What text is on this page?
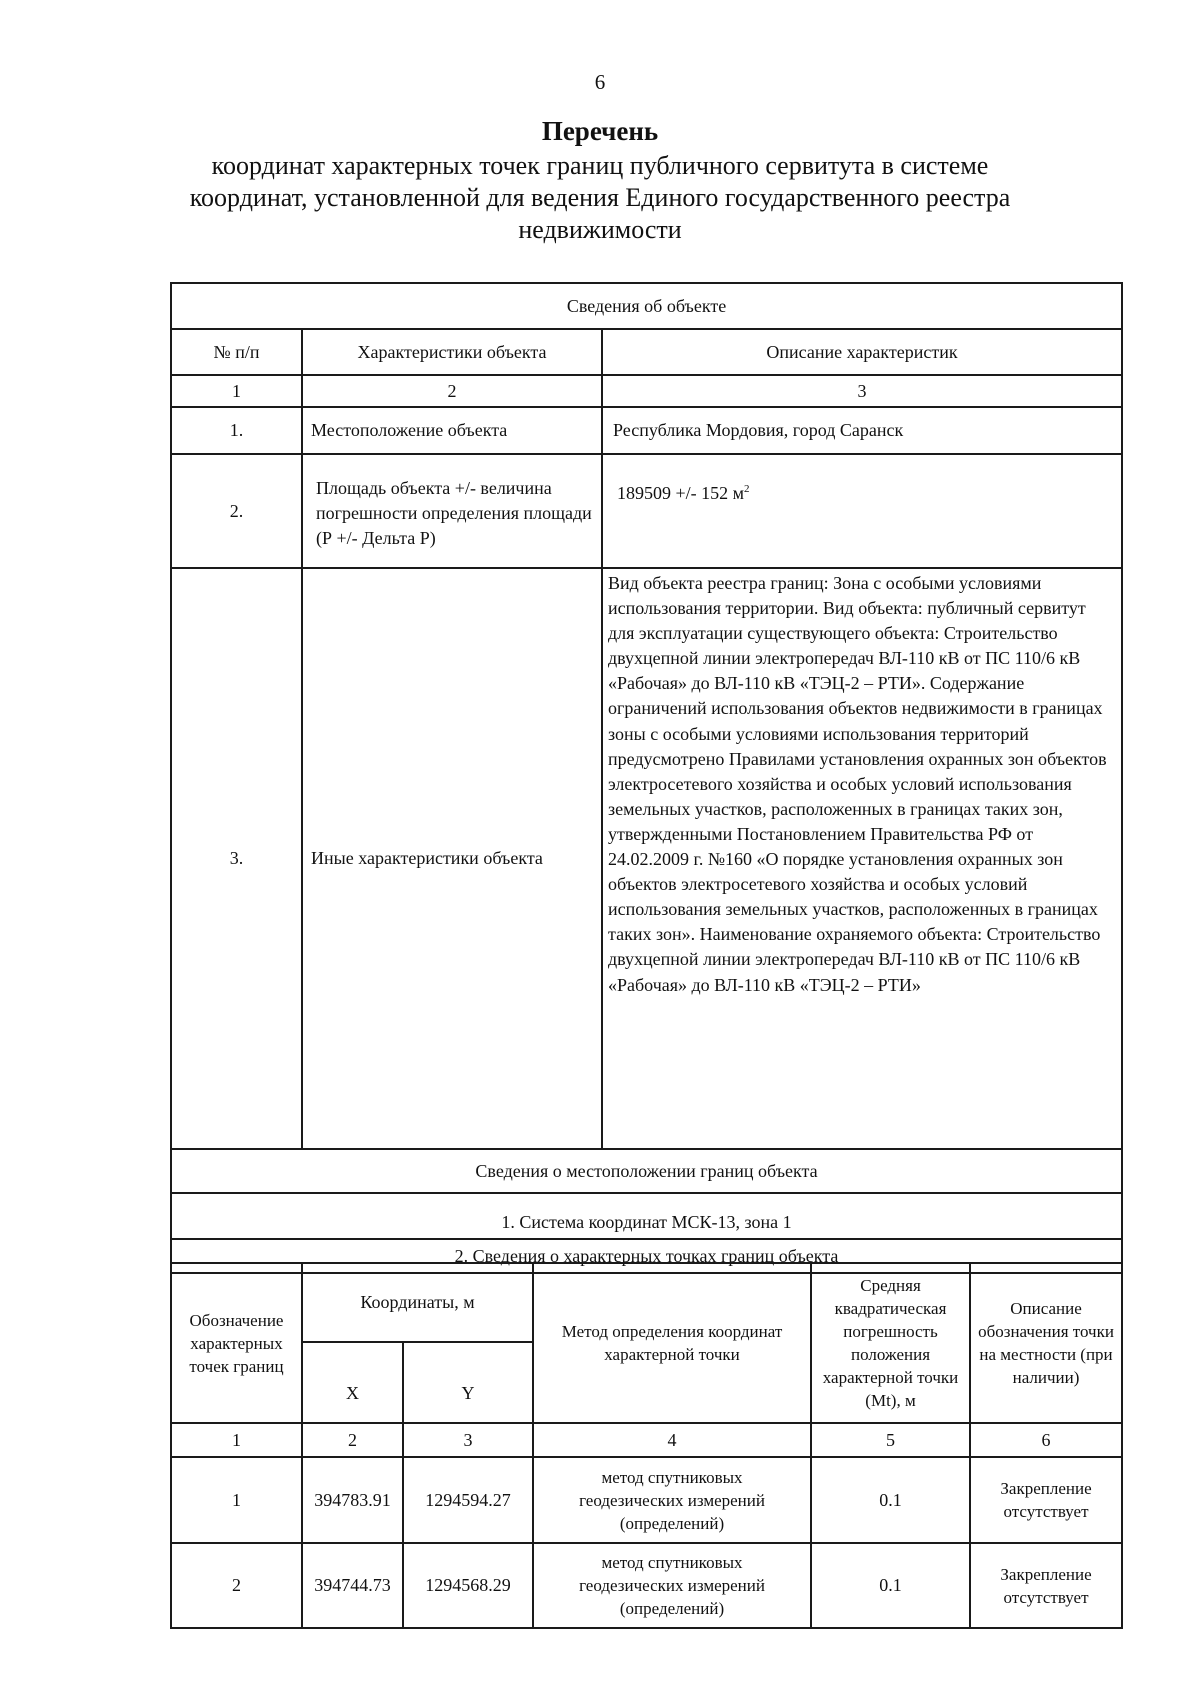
6
Перечень
координат характерных точек границ публичного сервитута в системе координат, установленной для ведения Единого государственного реестра недвижимости
Сведения об объекте		
№ п/п	Характеристики объекта	Описание характеристик
1	2	3
1.	Местоположение объекта	Республика Мордовия, город Саранск
2.	Площадь объекта +/- величина погрешности определения площади (Р +/- Дельта Р)	189509 +/- 152 $м^2$
3.	Иные характеристики объекта	Вид объекта реестра границ: Зона с особыми условиями использования территории. Вид объекта: публичный сервитут для эксплуатации существующего объекта: Строительство двухцепной линии электропередач ВЛ-110 кВ от ПС 110/6 кВ «Рабочая» до ВЛ-110 кВ «ТЭЦ-2 – РТИ». Содержание ограничений использования объектов недвижимости в границах зоны с особыми условиями использования территорий предусмотрено Правилами установления охранных зон объектов электросетевого хозяйства и особых условий использования земельных участков, расположенных в границах таких зон, утвержденными Постановлением Правительства РФ от 24.02.2009 г. №160 «О порядке установления охранных зон объектов электросетевого хозяйства и особых условий использования земельных участков, расположенных в границах таких зон». Наименование охраняемого объекта: Строительство двухцепной линии электропередач ВЛ-110 кВ от ПС 110/6 кВ «Рабочая» до ВЛ-110 кВ «ТЭЦ-2 – РТИ»
Сведения о местоположении границ объекта		
1. Система координат МСК-13, зона 1		
2. Сведения о характерных точках границ объекта		
Обозначение характерных точек границ	Координаты, м		Метод определения координат характерной точки	Средняя квадратическая погрешность положения характерной точки (Mt), м	Описание обозначения точки на местности (при наличии)
	X	Y			
1	2	3	4	5	6
1	394783.91	1294594.27	метод спутниковых геодезических измерений (определений)	0.1	Закрепление отсутствует
2	394744.73	1294568.29	метод спутниковых геодезических измерений (определений)	0.1	Закрепление отсутствует
